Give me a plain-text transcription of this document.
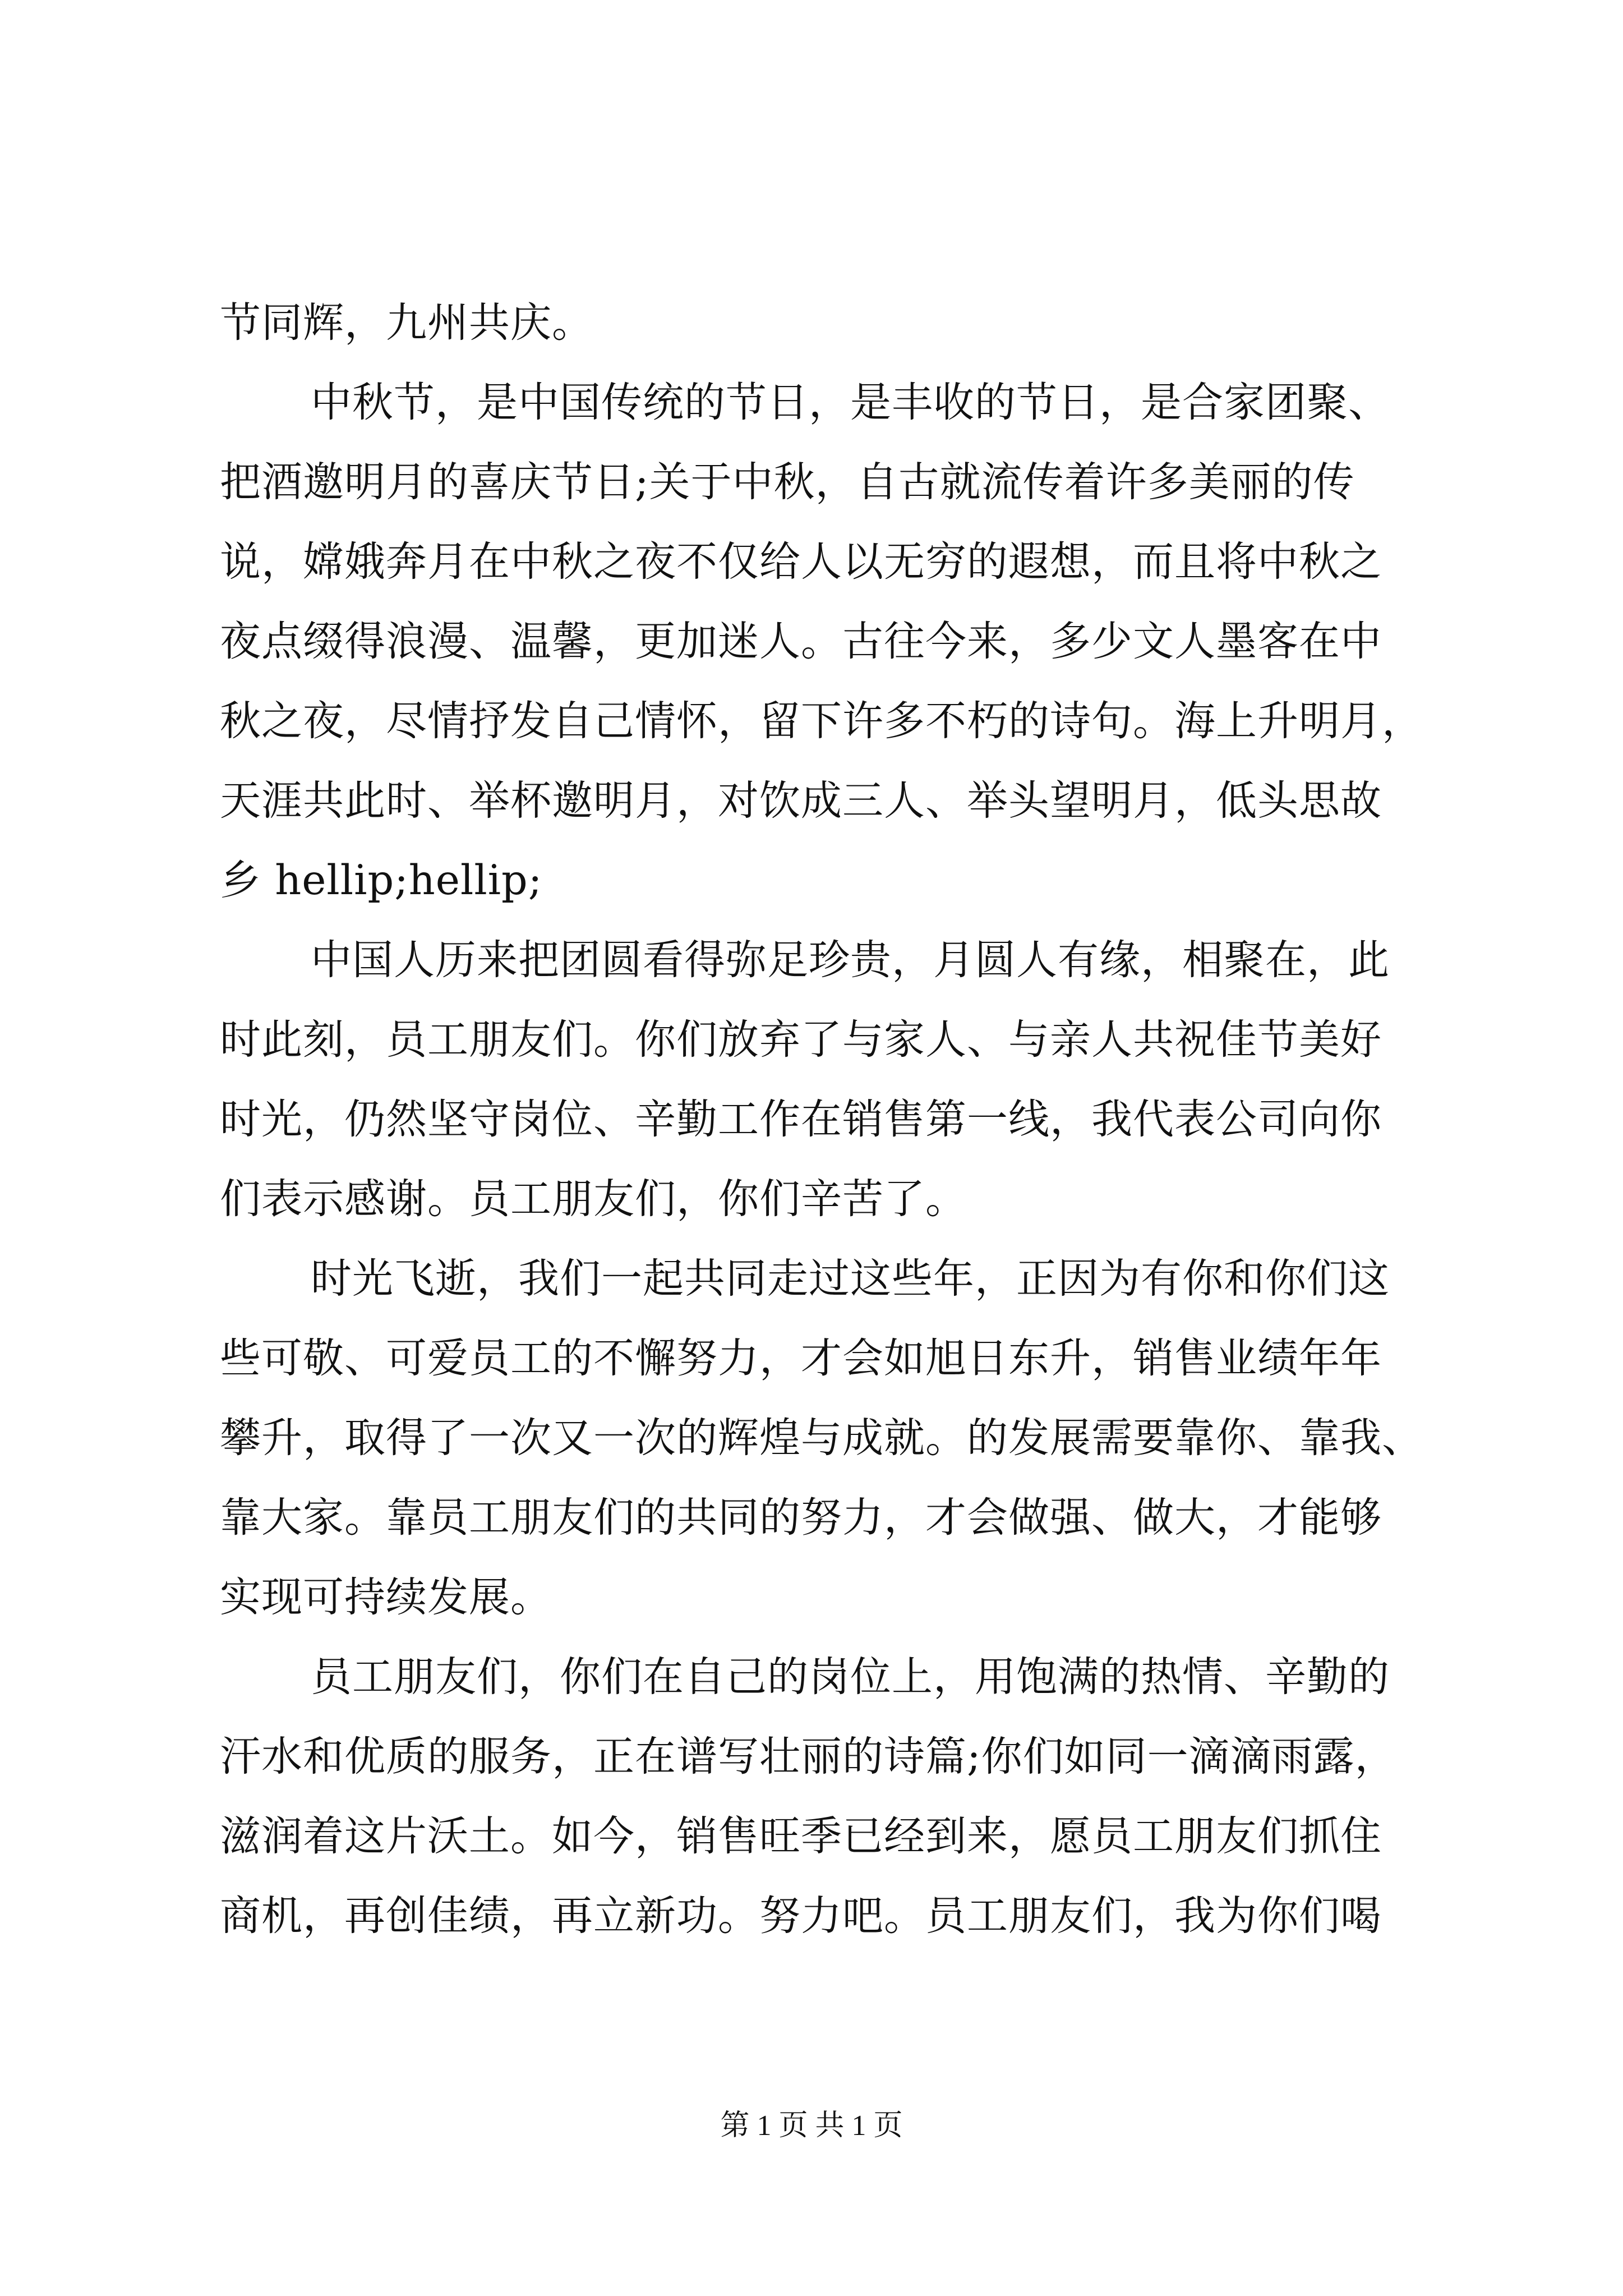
节同辉，九州共庆。
中秋节，是中国传统的节日，是丰收的节日，是合家团聚、
把酒邀明月的喜庆节日;关于中秋，自古就流传着许多美丽的传
说，嫦娥奔月在中秋之夜不仅给人以无穷的遐想，而且将中秋之
夜点缀得浪漫、温馨，更加迷人。古往今来，多少文人墨客在中
秋之夜，尽情抒发自己情怀，留下许多不朽的诗句。海上升明月，
天涯共此时、举杯邀明月，对饮成三人、举头望明月，低头思故
乡 hellip;hellip;
中国人历来把团圆看得弥足珍贵，月圆人有缘，相聚在，此
时此刻，员工朋友们。你们放弃了与家人、与亲人共祝佳节美好
时光，仍然坚守岗位、辛勤工作在销售第一线，我代表公司向你
们表示感谢。员工朋友们，你们辛苦了。
时光飞逝，我们一起共同走过这些年，正因为有你和你们这
些可敬、可爱员工的不懈努力，才会如旭日东升，销售业绩年年
攀升，取得了一次又一次的辉煌与成就。的发展需要靠你、靠我、
靠大家。靠员工朋友们的共同的努力，才会做强、做大，才能够
实现可持续发展。
员工朋友们，你们在自己的岗位上，用饱满的热情、辛勤的
汗水和优质的服务，正在谱写壮丽的诗篇;你们如同一滴滴雨露，
滋润着这片沃土。如今，销售旺季已经到来，愿员工朋友们抓住
商机，再创佳绩，再立新功。努力吧。员工朋友们，我为你们喝
第 1 页 共 1 页
